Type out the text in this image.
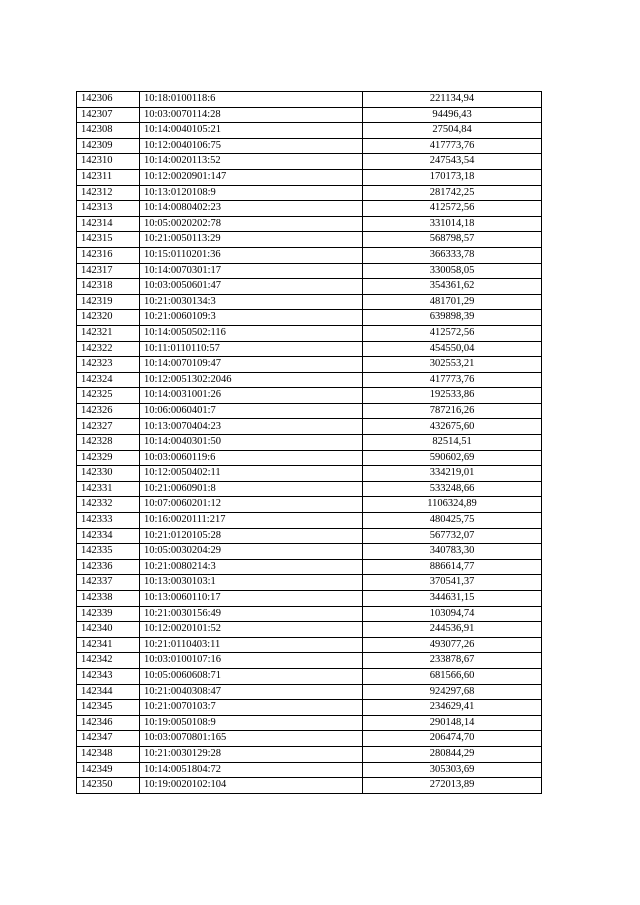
142306	10:18:0100118:6	221134,94
142307	10:03:0070114:28	94496,43
142308	10:14:0040105:21	27504,84
142309	10:12:0040106:75	417773,76
142310	10:14:0020113:52	247543,54
142311	10:12:0020901:147	170173,18
142312	10:13:0120108:9	281742,25
142313	10:14:0080402:23	412572,56
142314	10:05:0020202:78	331014,18
142315	10:21:0050113:29	568798,57
142316	10:15:0110201:36	366333,78
142317	10:14:0070301:17	330058,05
142318	10:03:0050601:47	354361,62
142319	10:21:0030134:3	481701,29
142320	10:21:0060109:3	639898,39
142321	10:14:0050502:116	412572,56
142322	10:11:0110110:57	454550,04
142323	10:14:0070109:47	302553,21
142324	10:12:0051302:2046	417773,76
142325	10:14:0031001:26	192533,86
142326	10:06:0060401:7	787216,26
142327	10:13:0070404:23	432675,60
142328	10:14:0040301:50	82514,51
142329	10:03:0060119:6	590602,69
142330	10:12:0050402:11	334219,01
142331	10:21:0060901:8	533248,66
142332	10:07:0060201:12	1106324,89
142333	10:16:0020111:217	480425,75
142334	10:21:0120105:28	567732,07
142335	10:05:0030204:29	340783,30
142336	10:21:0080214:3	886614,77
142337	10:13:0030103:1	370541,37
142338	10:13:0060110:17	344631,15
142339	10:21:0030156:49	103094,74
142340	10:12:0020101:52	244536,91
142341	10:21:0110403:11	493077,26
142342	10:03:0100107:16	233878,67
142343	10:05:0060608:71	681566,60
142344	10:21:0040308:47	924297,68
142345	10:21:0070103:7	234629,41
142346	10:19:0050108:9	290148,14
142347	10:03:0070801:165	206474,70
142348	10:21:0030129:28	280844,29
142349	10:14:0051804:72	305303,69
142350	10:19:0020102:104	272013,89
